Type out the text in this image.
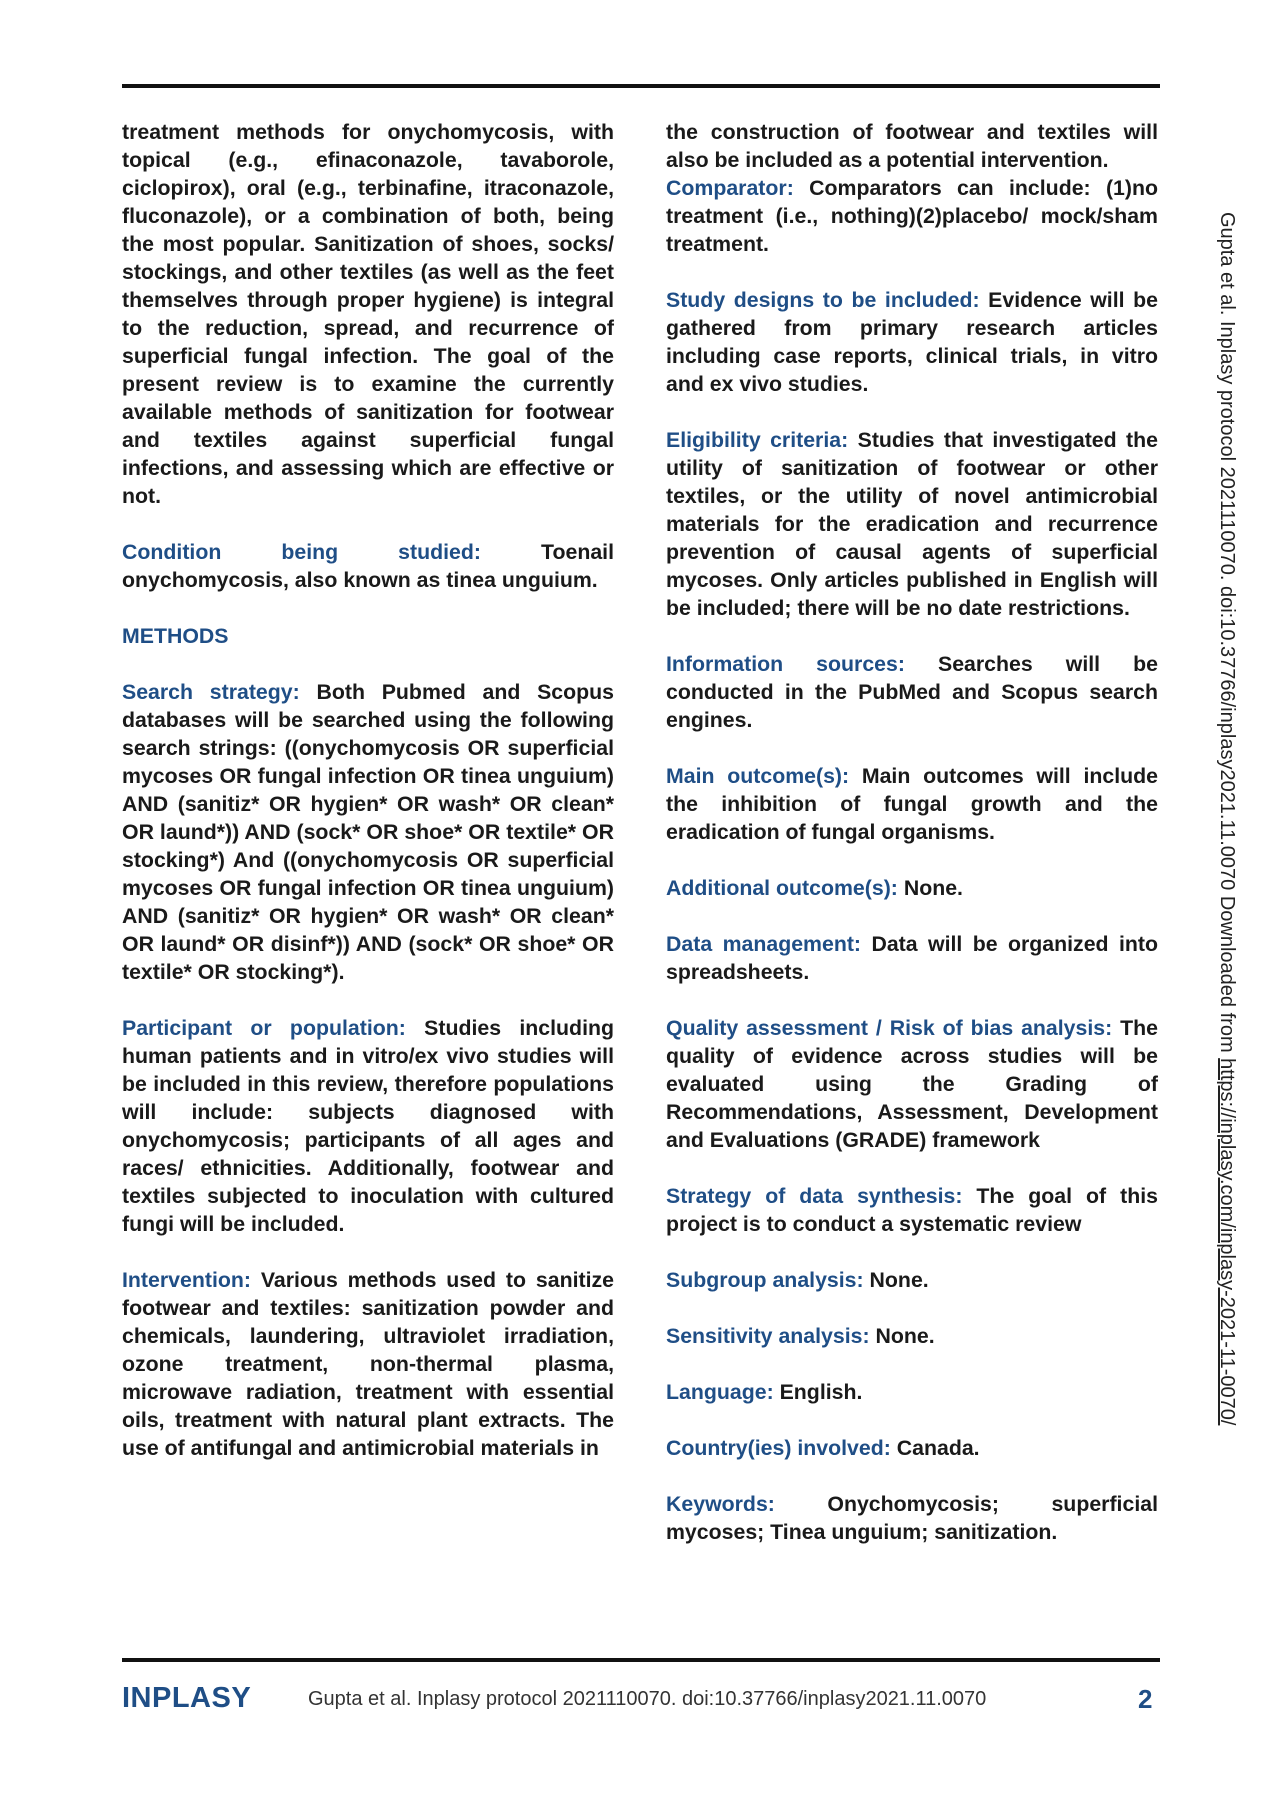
treatment methods for onychomycosis, with topical (e.g., efinaconazole, tavaborole, ciclopirox), oral (e.g., terbinafine, itraconazole, fluconazole), or a combination of both, being the most popular. Sanitization of shoes, socks/ stockings, and other textiles (as well as the feet themselves through proper hygiene) is integral to the reduction, spread, and recurrence of superficial fungal infection. The goal of the present review is to examine the currently available methods of sanitization for footwear and textiles against superficial fungal infections, and assessing which are effective or not.

Condition being studied:	Toenail onychomycosis, also known as tinea unguium.

METHODS

Search strategy: Both Pubmed and Scopus databases will be searched using the following search strings: ((onychomycosis OR superficial mycoses OR fungal infection OR tinea unguium) AND (sanitiz* OR hygien* OR wash* OR clean* OR laund*)) AND (sock* OR shoe* OR textile* OR stocking*) And ((onychomycosis OR superficial mycoses OR fungal infection OR tinea unguium) AND (sanitiz* OR hygien* OR wash* OR clean* OR laund* OR disinf*)) AND (sock* OR shoe* OR textile* OR stocking*).

Participant or population: Studies including human patients and in vitro/ex vivo studies will be included in this review, therefore populations will include: subjects diagnosed with onychomycosis; participants of all ages and races/ ethnicities. Additionally, footwear and textiles subjected to inoculation with cultured fungi will be included.

Intervention: Various methods used to sanitize footwear and textiles: sanitization powder and chemicals, laundering, ultraviolet irradiation, ozone treatment, non-thermal plasma, microwave radiation, treatment with essential oils, treatment with natural plant extracts. The use of antifungal and antimicrobial materials in

the construction of footwear and textiles will also be included as a potential intervention.
Comparator: Comparators can include: (1)no treatment (i.e., nothing)(2)placebo/ mock/sham treatment.

Study designs to be included: Evidence will be gathered from primary research articles including case reports, clinical trials, in vitro and ex vivo studies.

Eligibility criteria: Studies that investigated the utility of sanitization of footwear or other textiles, or the utility of novel antimicrobial materials for the eradication and recurrence prevention of causal agents of superficial mycoses. Only articles published in English will be included; there will be no date restrictions.

Information sources: Searches will be conducted in the PubMed and Scopus search engines.

Main outcome(s): Main outcomes will include the inhibition of fungal growth and the eradication of fungal organisms.

Additional outcome(s): None.

Data management: Data will be organized into spreadsheets.

Quality assessment / Risk of bias analysis: The quality of evidence across studies will be evaluated using the Grading of Recommendations, Assessment, Development and Evaluations (GRADE) framework

Strategy of data synthesis: The goal of this project is to conduct a systematic review

Subgroup analysis: None.

Sensitivity analysis: None.

Language: English.

Country(ies) involved: Canada.

Keywords: Onychomycosis; superficial mycoses; Tinea unguium; sanitization.

Gupta et al. Inplasy protocol 202111007​0. doi:10.37766/inplasy2021.11.0070 Downloaded from https://inplasy.com/inplasy-2021-11-0070/
INPLASY	Gupta et al. Inplasy protocol 2021110070. doi:10.37766/inplasy2021.11.0070	2
